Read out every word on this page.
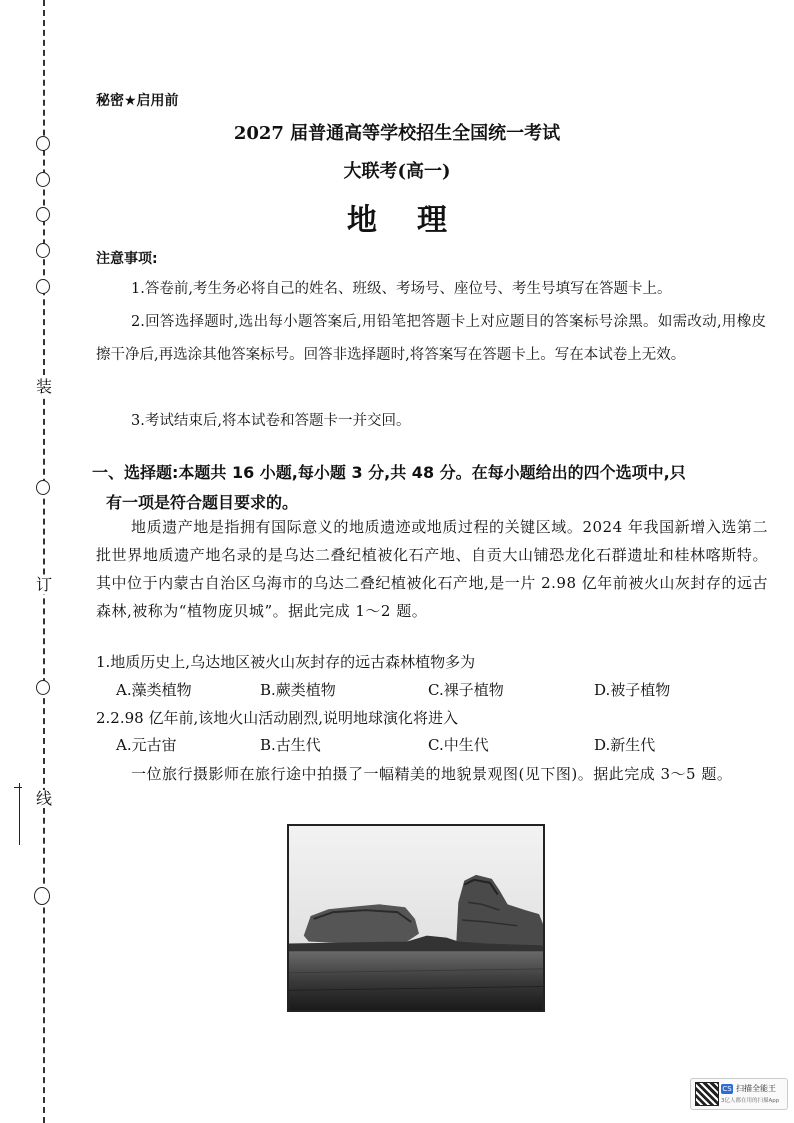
装
订
线
秘密★启用前
2027 届普通高等学校招生全国统一考试
大联考(高一)
地理
注意事项:
1.答卷前,考生务必将自己的姓名、班级、考场号、座位号、考生号填写在答题卡上。
2.回答选择题时,选出每小题答案后,用铅笔把答题卡上对应题目的答案标号涂黑。如需改动,用橡皮擦干净后,再选涂其他答案标号。回答非选择题时,将答案写在答题卡上。写在本试卷上无效。
3.考试结束后,将本试卷和答题卡一并交回。
一、选择题:本题共 16 小题,每小题 3 分,共 48 分。在每小题给出的四个选项中,只
有一项是符合题目要求的。
地质遗产地是指拥有国际意义的地质遗迹或地质过程的关键区域。2024 年我国新增入选第二批世界地质遗产地名录的是乌达二叠纪植被化石产地、自贡大山铺恐龙化石群遗址和桂林喀斯特。其中位于内蒙古自治区乌海市的乌达二叠纪植被化石产地,是一片 2.98 亿年前被火山灰封存的远古森林,被称为“植物庞贝城”。据此完成 1～2 题。
1.地质历史上,乌达地区被火山灰封存的远古森林植物多为
A.藻类植物	B.蕨类植物	C.裸子植物	D.被子植物
2.2.98 亿年前,该地火山活动剧烈,说明地球演化将进入
A.元古宙	B.古生代	C.中生代	D.新生代
一位旅行摄影师在旅行途中拍摄了一幅精美的地貌景观图(见下图)。据此完成 3～5 题。
CS 扫描全能王
3亿人都在用的扫描App
